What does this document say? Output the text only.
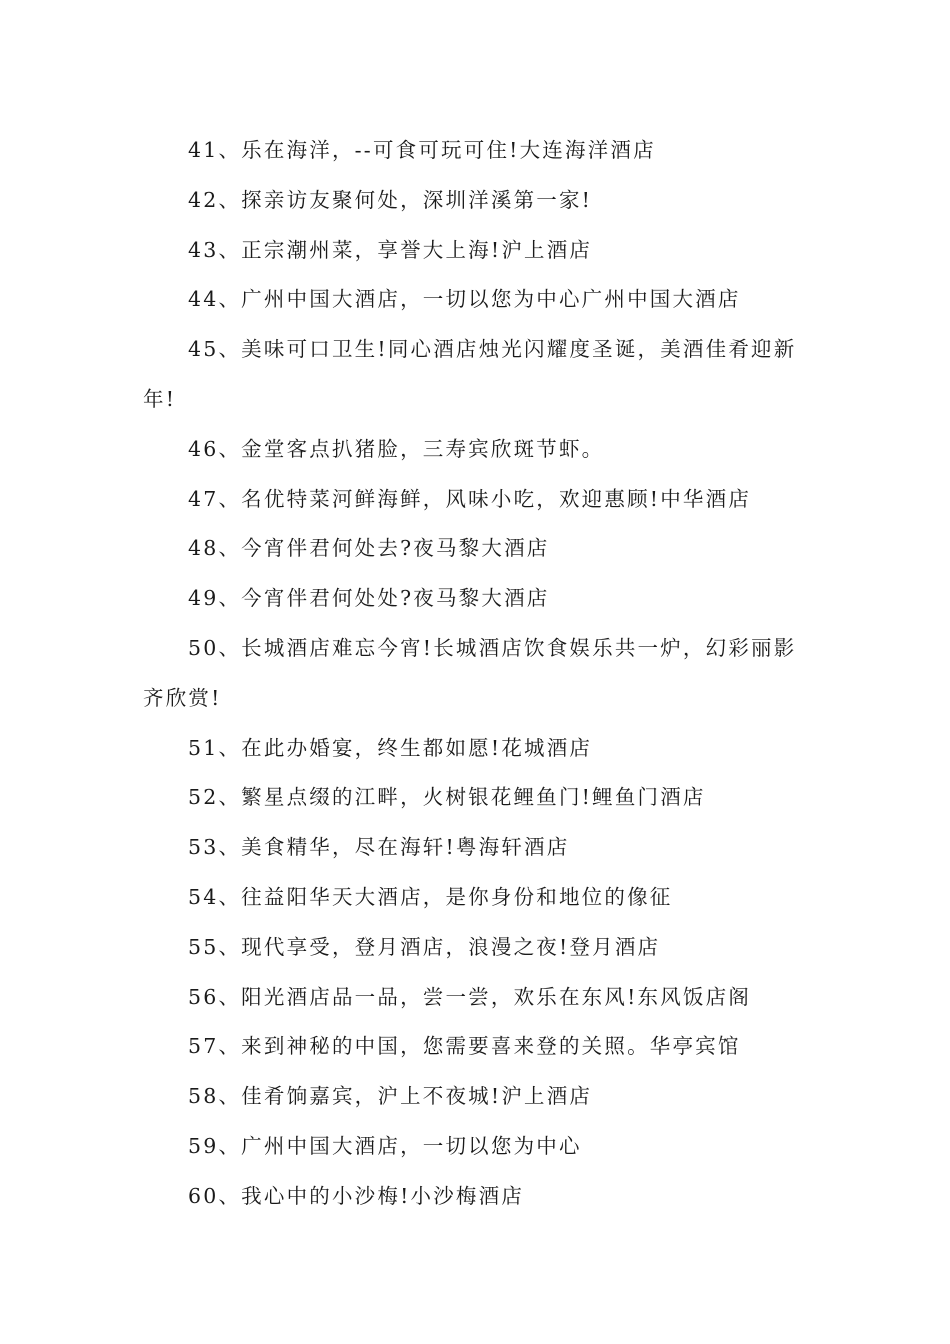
41、乐在海洋，--可食可玩可住!大连海洋酒店

42、探亲访友聚何处，深圳洋溪第一家!

43、正宗潮州菜，享誉大上海!沪上酒店

44、广州中国大酒店，一切以您为中心广州中国大酒店

45、美味可口卫生!同心酒店烛光闪耀度圣诞，美酒佳肴迎新年!

46、金堂客点扒猪脸，三寿宾欣斑节虾。

47、名优特菜河鲜海鲜，风味小吃，欢迎惠顾!中华酒店

48、今宵伴君何处去?夜马黎大酒店

49、今宵伴君何处处?夜马黎大酒店

50、长城酒店难忘今宵!长城酒店饮食娱乐共一炉，幻彩丽影齐欣赏!

51、在此办婚宴，终生都如愿!花城酒店

52、繁星点缀的江畔，火树银花鲤鱼门!鲤鱼门酒店

53、美食精华，尽在海轩!粤海轩酒店

54、往益阳华天大酒店，是你身份和地位的像征

55、现代享受，登月酒店，浪漫之夜!登月酒店

56、阳光酒店品一品，尝一尝，欢乐在东风!东风饭店阁

57、来到神秘的中国，您需要喜来登的关照。华亭宾馆

58、佳肴饷嘉宾，沪上不夜城!沪上酒店

59、广州中国大酒店，一切以您为中心

60、我心中的小沙梅!小沙梅酒店
